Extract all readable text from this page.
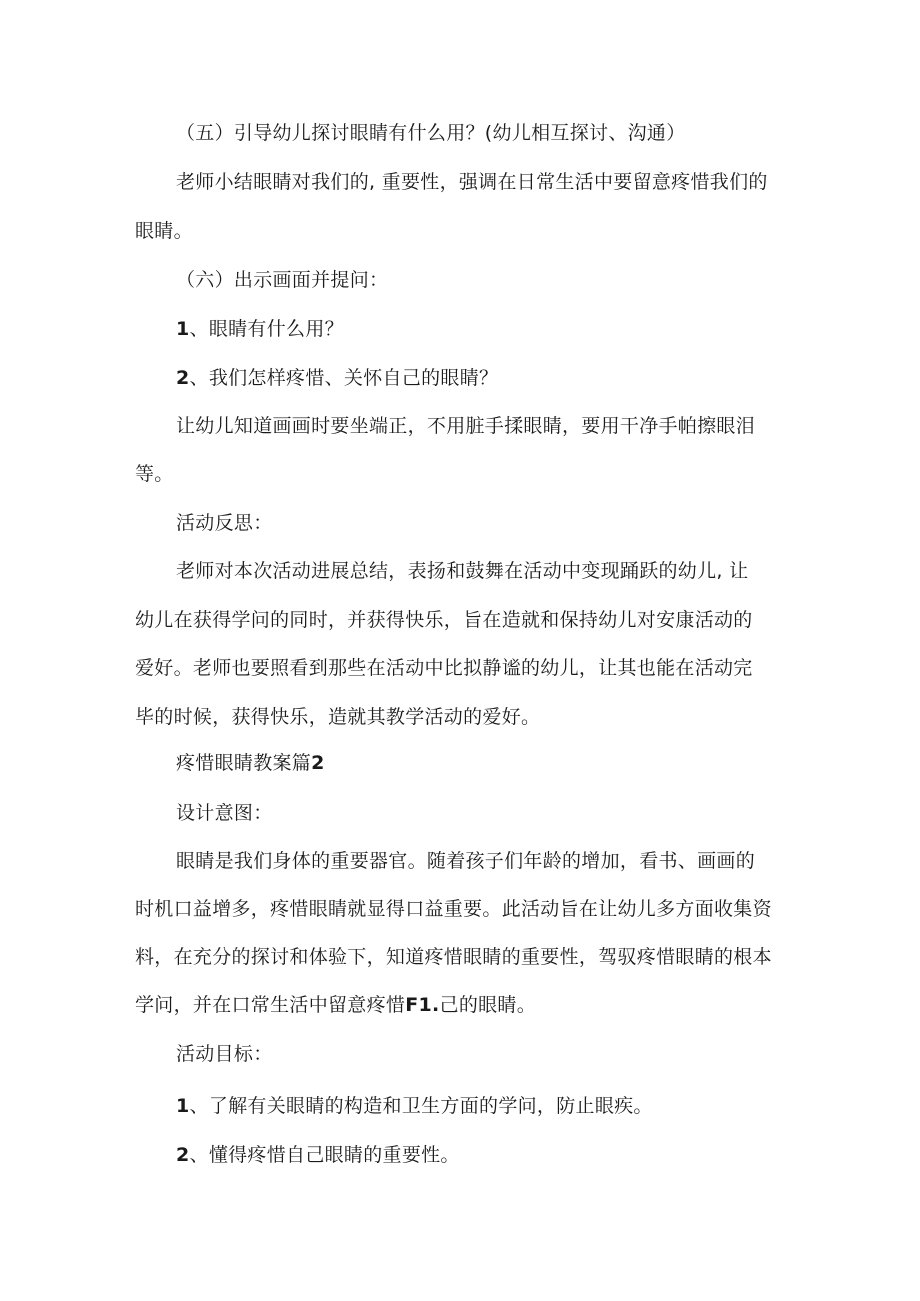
（五）引导幼儿探讨眼睛有什么用？(幼儿相互探讨、沟通）
老师小结眼睛对我们的, 重要性，强调在日常生活中要留意疼惜我们的
眼睛。
（六）出示画面并提问：
1、眼睛有什么用？
2、我们怎样疼惜、关怀自己的眼睛？
让幼儿知道画画时要坐端正，不用脏手揉眼睛，要用干净手帕擦眼泪
等。
活动反思：
老师对本次活动进展总结，表扬和鼓舞在活动中变现踊跃的幼儿, 让
幼儿在获得学问的同时，并获得快乐，旨在造就和保持幼儿对安康活动的
爱好。老师也要照看到那些在活动中比拟静谧的幼儿，让其也能在活动完
毕的时候，获得快乐，造就其教学活动的爱好。
疼惜眼睛教案篇2
设计意图：
眼睛是我们身体的重要器官。随着孩子们年龄的增加，看书、画画的
时机口益增多，疼惜眼睛就显得口益重要。此活动旨在让幼儿多方面收集资
料，在充分的探讨和体验下，知道疼惜眼睛的重要性，驾驭疼惜眼睛的根本
学问，并在口常生活中留意疼惜F1.己的眼睛。
活动目标：
1、了解有关眼睛的构造和卫生方面的学问，防止眼疾。
2、懂得疼惜自己眼睛的重要性。
